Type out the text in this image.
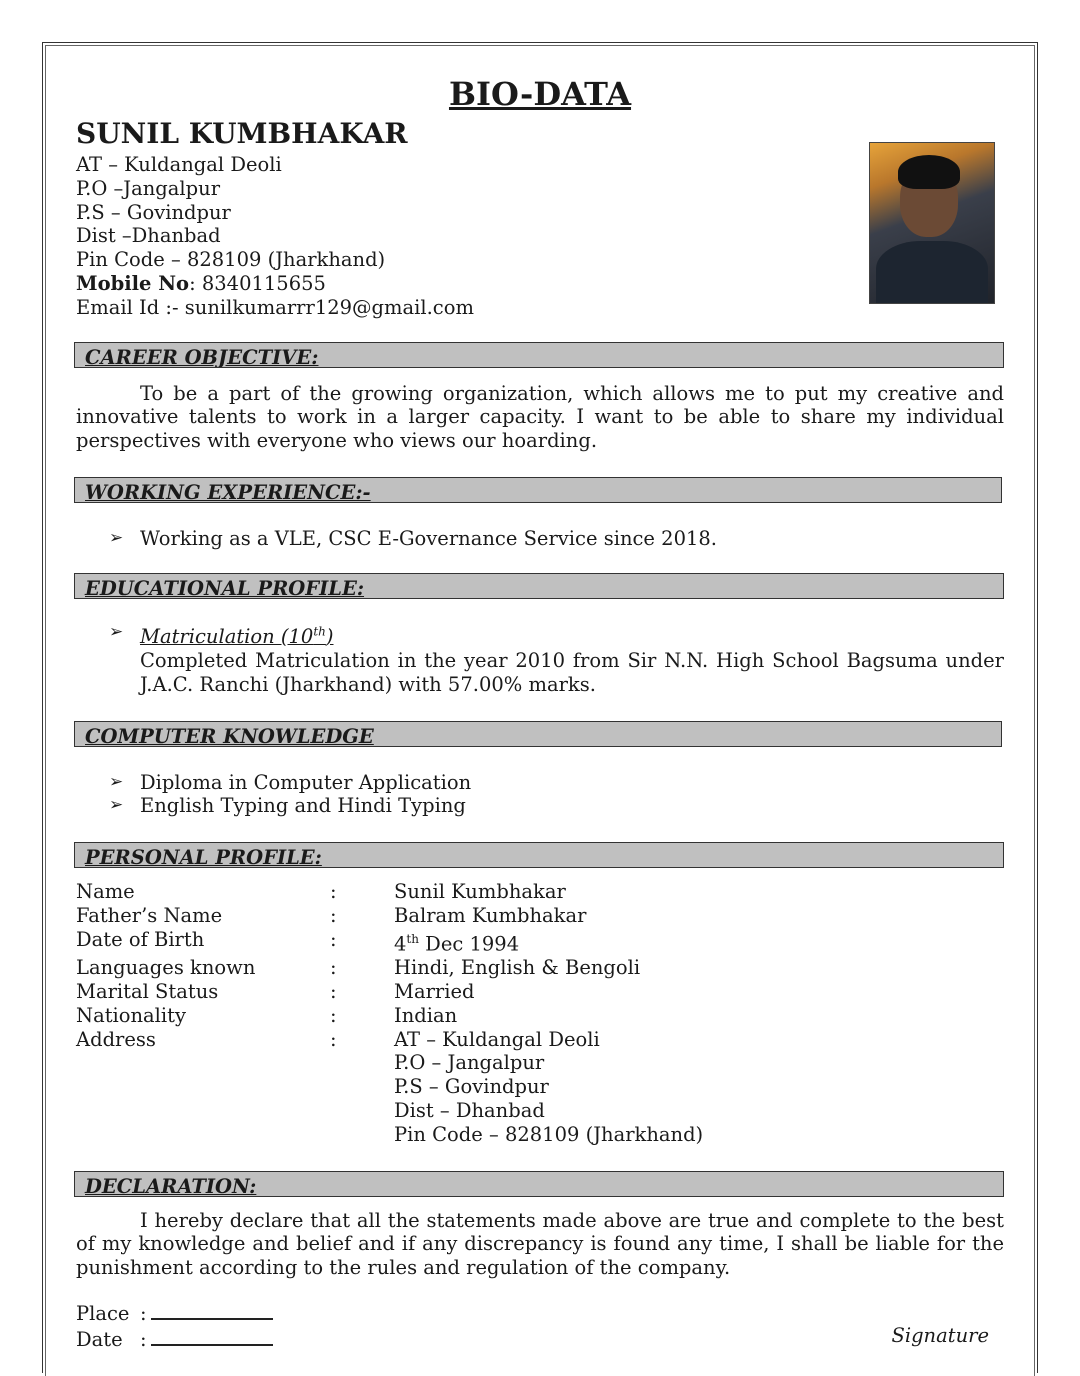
BIO-DATA
SUNIL KUMBHAKAR
AT – Kuldangal Deoli
P.O –Jangalpur
P.S – Govindpur
Dist –Dhanbad
Pin Code – 828109 (Jharkhand)
Mobile No: 8340115655
Email Id :- sunilkumarrr129@gmail.com
CAREER OBJECTIVE:

To be a part of the growing organization, which allows me to put my creative and innovative talents to work in a larger capacity. I want to be able to share my individual perspectives with everyone who views our hoarding.

WORKING EXPERIENCE:-
➢ Working as a VLE, CSC E-Governance Service since 2018.
EDUCATIONAL PROFILE:
➢ Matriculation (10th)
Completed Matriculation in the year 2010 from Sir N.N. High School Bagsuma under J.A.C. Ranchi (Jharkhand) with 57.00% marks.
COMPUTER KNOWLEDGE
➢ Diploma in Computer Application
➢ English Typing and Hindi Typing
PERSONAL PROFILE:
Name	:	Sunil Kumbhakar
Father’s Name	:	Balram Kumbhakar
Date of Birth	:	4th Dec 1994
Languages known	:	Hindi, English & Bengoli
Marital Status	:	Married
Nationality	:	Indian
Address	:	AT – Kuldangal Deoli
P.O – Jangalpur
P.S – Govindpur
Dist – Dhanbad
Pin Code – 828109 (Jharkhand)
DECLARATION:

I hereby declare that all the statements made above are true and complete to the best of my knowledge and belief and if any discrepancy is found any time, I shall be liable for the punishment according to the rules and regulation of the company.

Place :
Date :	Signature
